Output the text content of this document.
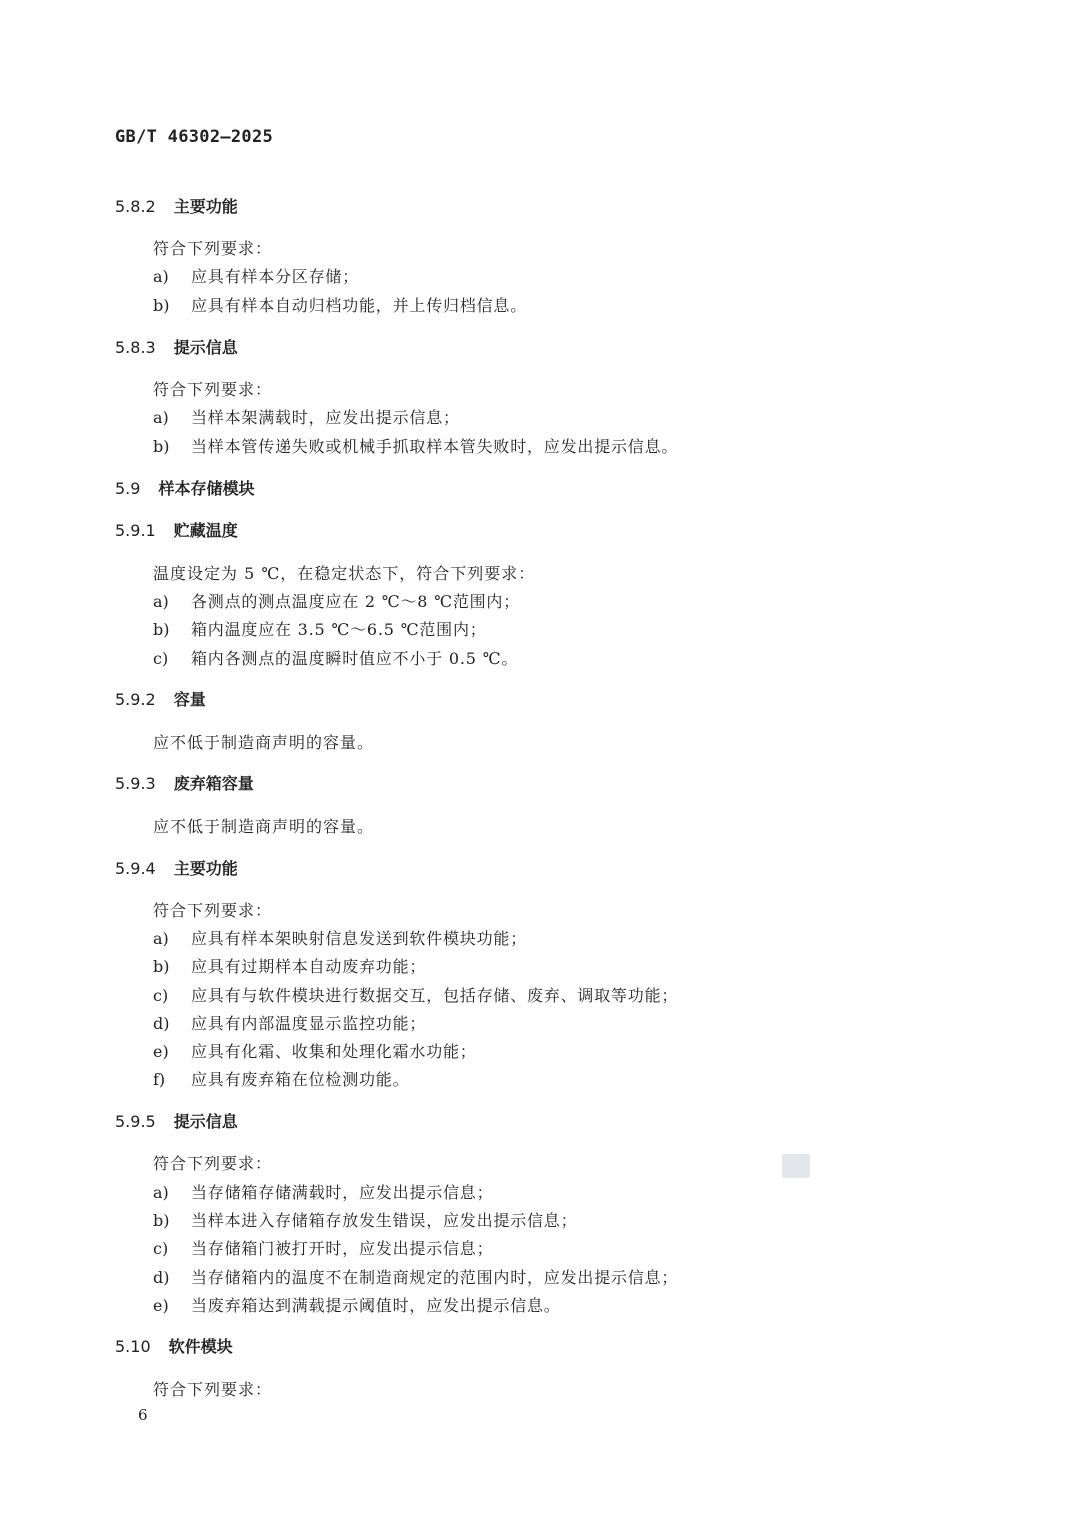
GB/T 46302—2025
5.8.2 主要功能
符合下列要求：
a) 应具有样本分区存储；
b) 应具有样本自动归档功能，并上传归档信息。
5.8.3 提示信息
符合下列要求：
a) 当样本架满载时，应发出提示信息；
b) 当样本管传递失败或机械手抓取样本管失败时，应发出提示信息。
5.9 样本存储模块
5.9.1 贮藏温度
温度设定为 5 ℃，在稳定状态下，符合下列要求：
a) 各测点的测点温度应在 2 ℃～8 ℃范围内；
b) 箱内温度应在 3.5 ℃～6.5 ℃范围内；
c) 箱内各测点的温度瞬时值应不小于 0.5 ℃。
5.9.2 容量
应不低于制造商声明的容量。
5.9.3 废弃箱容量
应不低于制造商声明的容量。
5.9.4 主要功能
符合下列要求：
a) 应具有样本架映射信息发送到软件模块功能；
b) 应具有过期样本自动废弃功能；
c) 应具有与软件模块进行数据交互，包括存储、废弃、调取等功能；
d) 应具有内部温度显示监控功能；
e) 应具有化霜、收集和处理化霜水功能；
f) 应具有废弃箱在位检测功能。
5.9.5 提示信息
符合下列要求：
a) 当存储箱存储满载时，应发出提示信息；
b) 当样本进入存储箱存放发生错误，应发出提示信息；
c) 当存储箱门被打开时，应发出提示信息；
d) 当存储箱内的温度不在制造商规定的范围内时，应发出提示信息；
e) 当废弃箱达到满载提示阈值时，应发出提示信息。
5.10 软件模块
符合下列要求：
6
